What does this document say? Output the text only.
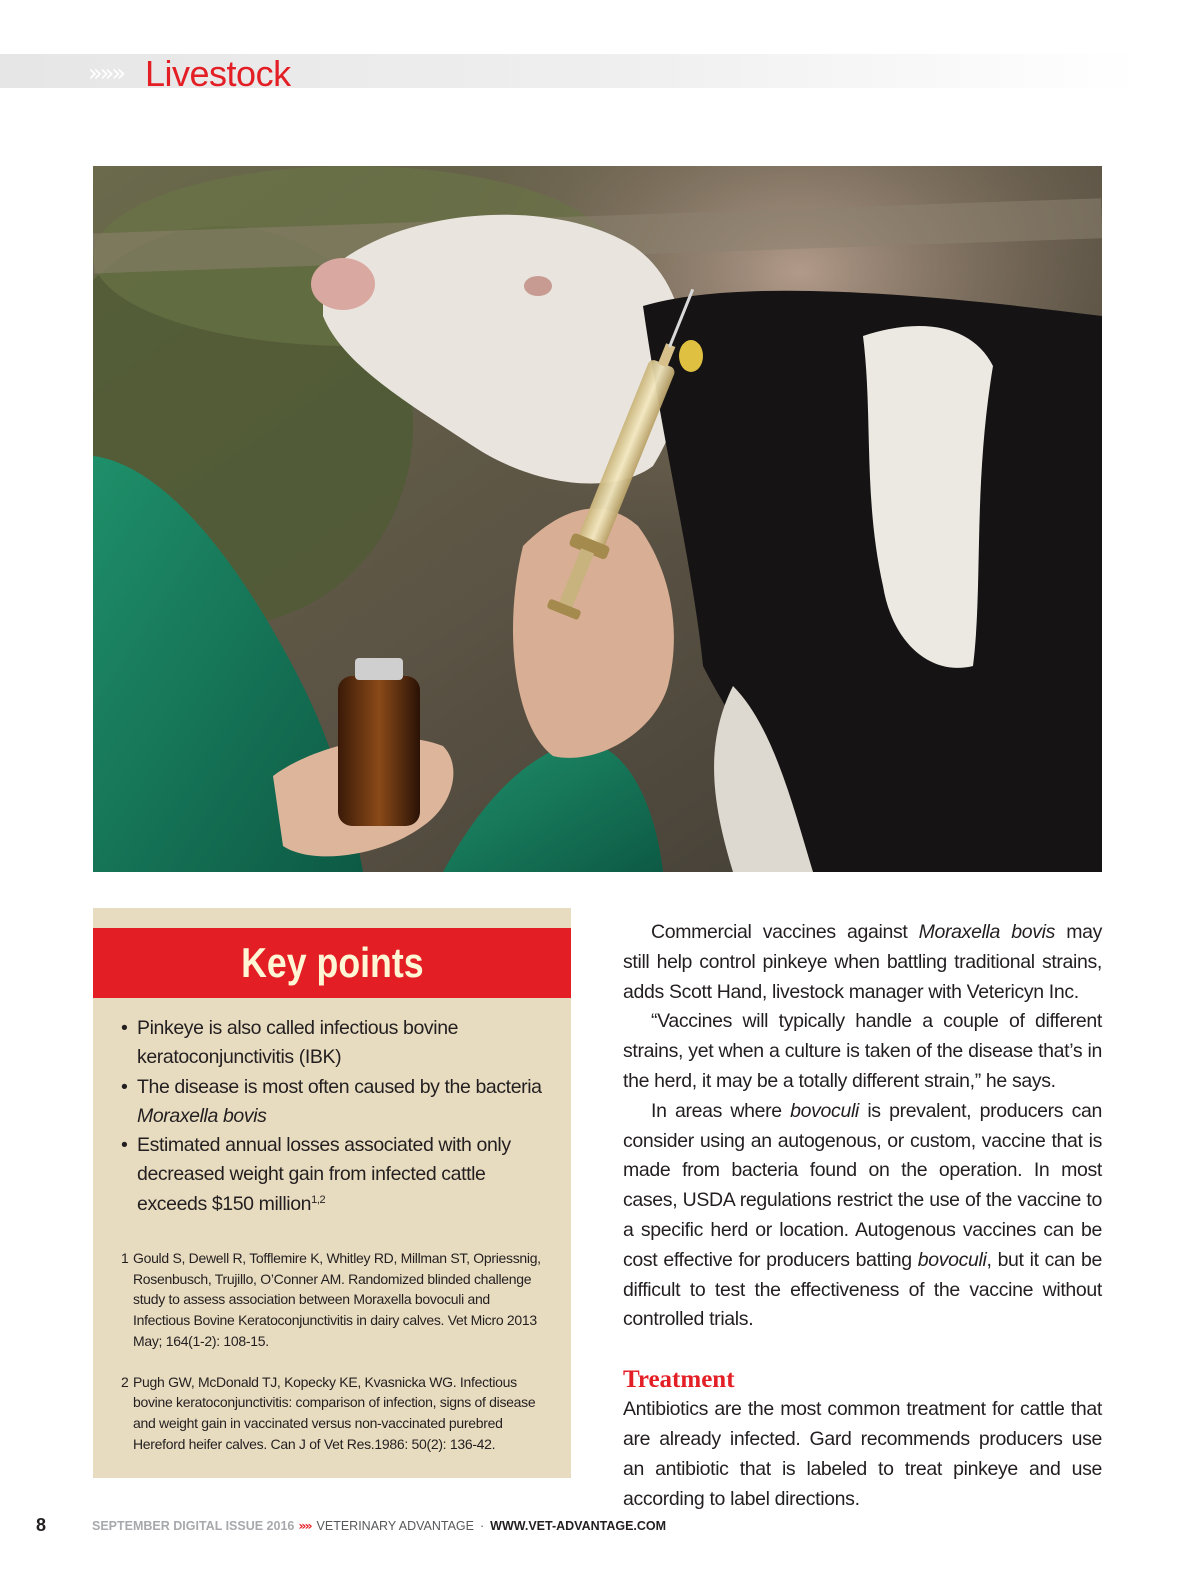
»»» Livestock
Key points
• Pinkeye is also called infectious bovine keratoconjunctivitis (IBK)
• The disease is most often caused by the bacteria Moraxella bovis
• Estimated annual losses associated with only decreased weight gain from infected cattle exceeds $150 million$^{1,2}$
1 Gould S, Dewell R, Tofflemire K, Whitley RD, Millman ST, Opriessnig, Rosenbusch, Trujillo, O’Conner AM. Randomized blinded challenge study to assess association between Moraxella bovoculi and Infectious Bovine Keratoconjunctivitis in dairy calves. Vet Micro 2013 May; 164(1-2): 108-15.
2 Pugh GW, McDonald TJ, Kopecky KE, Kvasnicka WG. Infectious bovine keratoconjunctivitis: comparison of infection, signs of disease and weight gain in vaccinated versus non-vaccinated purebred Hereford heifer calves. Can J of Vet Res.1986: 50(2): 136-42.

Commercial vaccines against Moraxella bovis may still help control pinkeye when battling traditional strains, adds Scott Hand, livestock manager with Vetericyn Inc.

“Vaccines will typically handle a couple of different strains, yet when a culture is taken of the disease that’s in the herd, it may be a totally different strain,” he says.

In areas where bovoculi is prevalent, producers can consider using an autogenous, or custom, vaccine that is made from bacteria found on the operation. In most cases, USDA regulations restrict the use of the vaccine to a specific herd or location. Autogenous vaccines can be cost effective for producers batting bovoculi, but it can be difficult to test the effectiveness of the vaccine without controlled trials.

Treatment

Antibiotics are the most common treatment for cattle that are already infected. Gard recommends producers use an antibiotic that is labeled to treat pinkeye and use according to label directions.

8	SEPTEMBER DIGITAL ISSUE 2016 »» VETERINARY ADVANTAGE · WWW.VET-ADVANTAGE.COM
